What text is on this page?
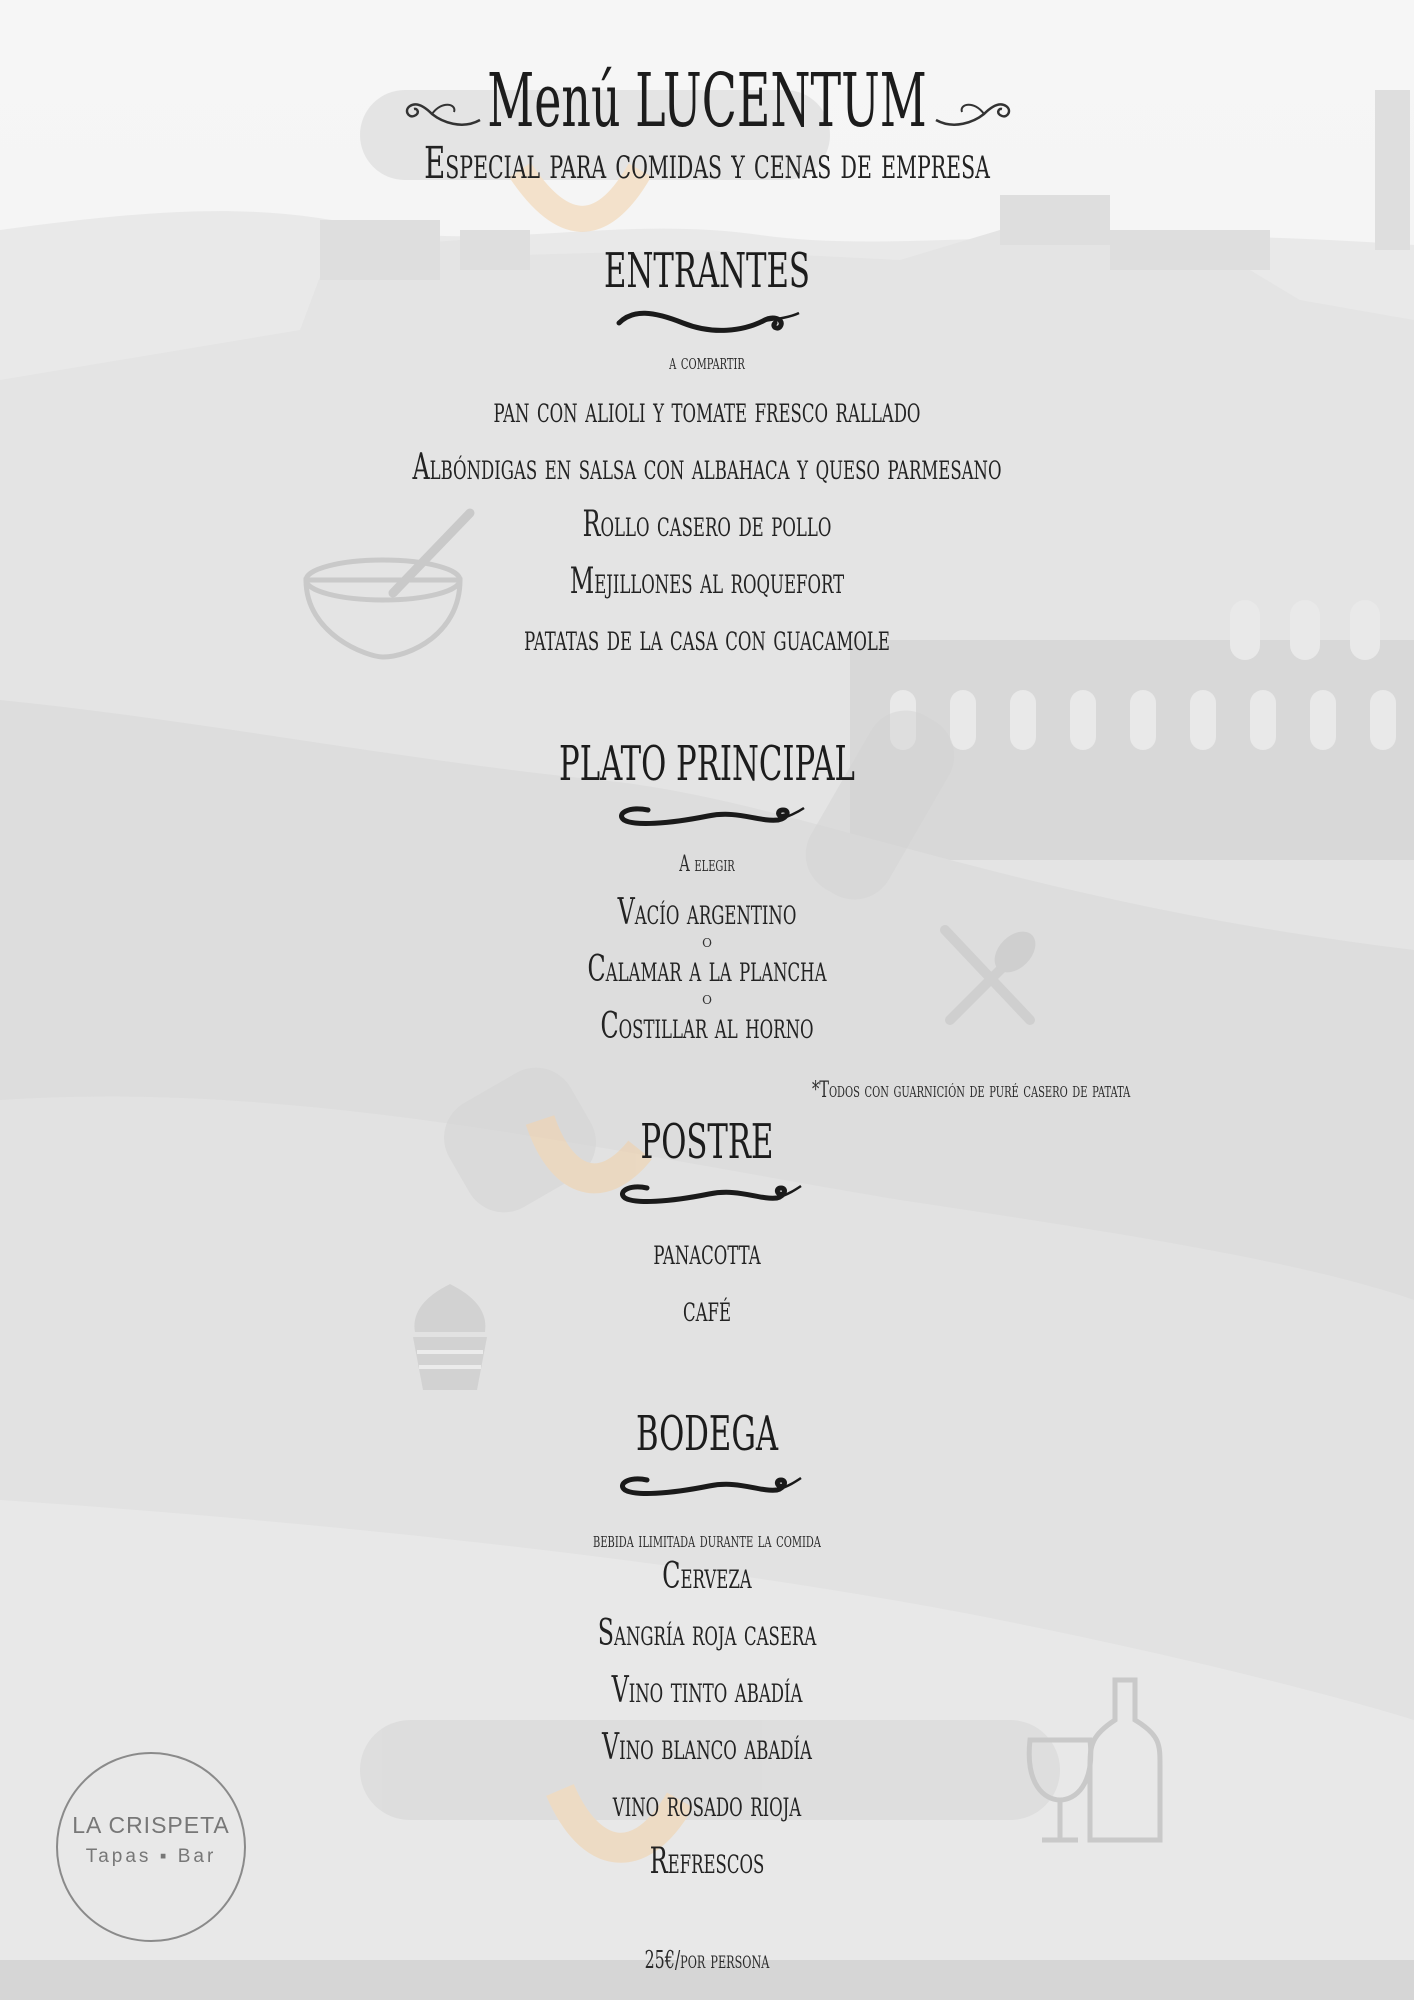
Menú LUCENTUM

Especial para comidas y cenas de empresa

ENTRANTES

a compartir

pan con alioli y tomate fresco rallado

Albóndigas en salsa con albahaca y queso parmesano

Rollo casero de pollo

Mejillones al roquefort

patatas de la casa con guacamole

PLATO PRINCIPAL

A elegir

Vacío argentino

o

Calamar a la plancha

o

Costillar al horno

*Todos con guarnición de puré casero de patata

POSTRE

panacotta

café

BODEGA

bebida ilimitada durante la comida

Cerveza

Sangría roja casera

Vino tinto abadía

Vino blanco abadía

vino rosado rioja

Refrescos

25€/por persona

LA CRISPETA
Tapas ▪ Bar
